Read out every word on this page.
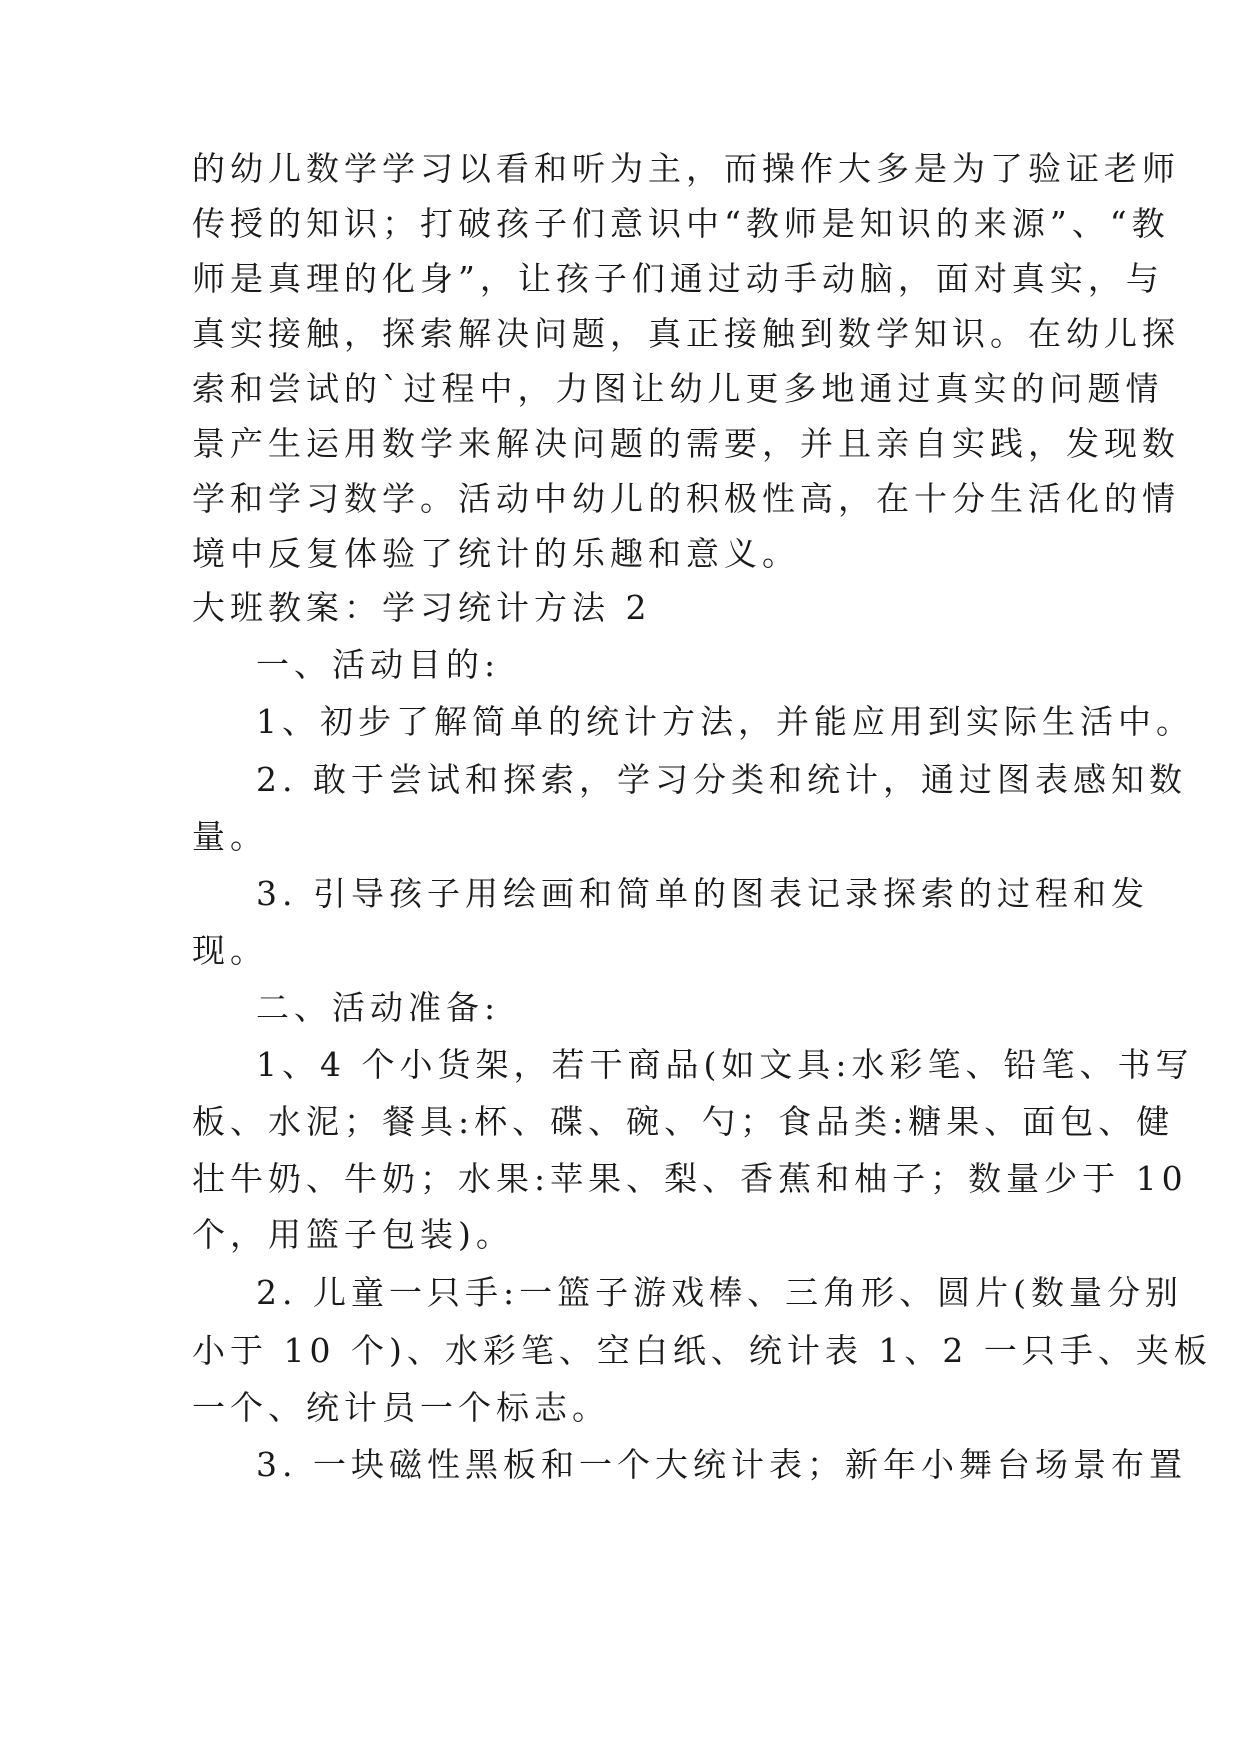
的幼儿数学学习以看和听为主，而操作大多是为了验证老师
传授的知识；打破孩子们意识中“教师是知识的来源”、“教
师是真理的化身”，让孩子们通过动手动脑，面对真实，与
真实接触，探索解决问题，真正接触到数学知识。在幼儿探
索和尝试的`过程中，力图让幼儿更多地通过真实的问题情
景产生运用数学来解决问题的需要，并且亲自实践，发现数
学和学习数学。活动中幼儿的积极性高，在十分生活化的情
境中反复体验了统计的乐趣和意义。
大班教案：学习统计方法 2
一、活动目的:
1、初步了解简单的统计方法，并能应用到实际生活中。
2. 敢于尝试和探索，学习分类和统计，通过图表感知数
量。
3. 引导孩子用绘画和简单的图表记录探索的过程和发
现。
二、活动准备:
1、4 个小货架，若干商品(如文具:水彩笔、铅笔、书写
板、水泥；餐具:杯、碟、碗、勺；食品类:糖果、面包、健
壮牛奶、牛奶；水果:苹果、梨、香蕉和柚子；数量少于 10
个，用篮子包装)。
2. 儿童一只手:一篮子游戏棒、三角形、圆片(数量分别
小于 10 个)、水彩笔、空白纸、统计表 1、2 一只手、夹板
一个、统计员一个标志。
3. 一块磁性黑板和一个大统计表；新年小舞台场景布置
